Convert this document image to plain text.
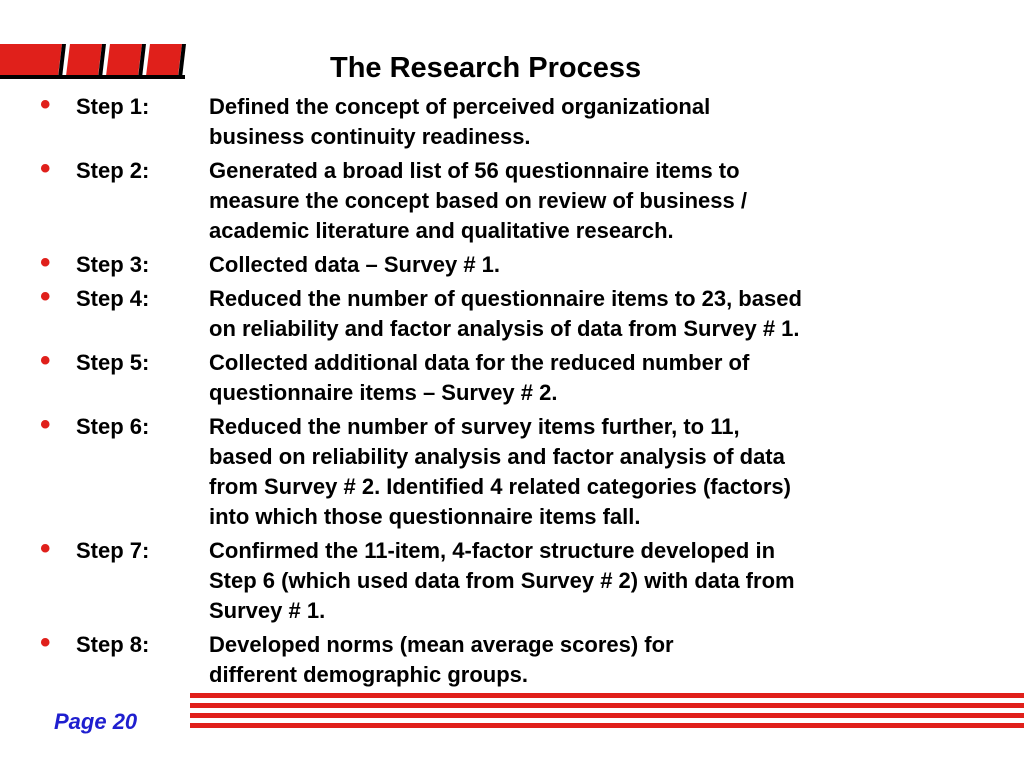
The Research Process
• Step 1:	Defined the concept of perceived organizational
business continuity readiness.
• Step 2:	Generated a broad list of 56 questionnaire items to
measure the concept based on review of business /
academic literature and qualitative research.
• Step 3:	Collected data – Survey # 1.
• Step 4:	Reduced the number of questionnaire items to 23, based
on reliability and factor analysis of data from Survey # 1.
• Step 5:	Collected additional data for the reduced number of
questionnaire items – Survey # 2.
• Step 6:	Reduced the number of survey items further, to 11,
based on reliability analysis and factor analysis of data
from Survey # 2. Identified 4 related categories (factors)
into which those questionnaire items fall.
• Step 7:	Confirmed the 11-item, 4-factor structure developed in
Step 6 (which used data from Survey # 2) with data from
Survey # 1.
• Step 8:	Developed norms (mean average scores) for
different demographic groups.
Page 20
